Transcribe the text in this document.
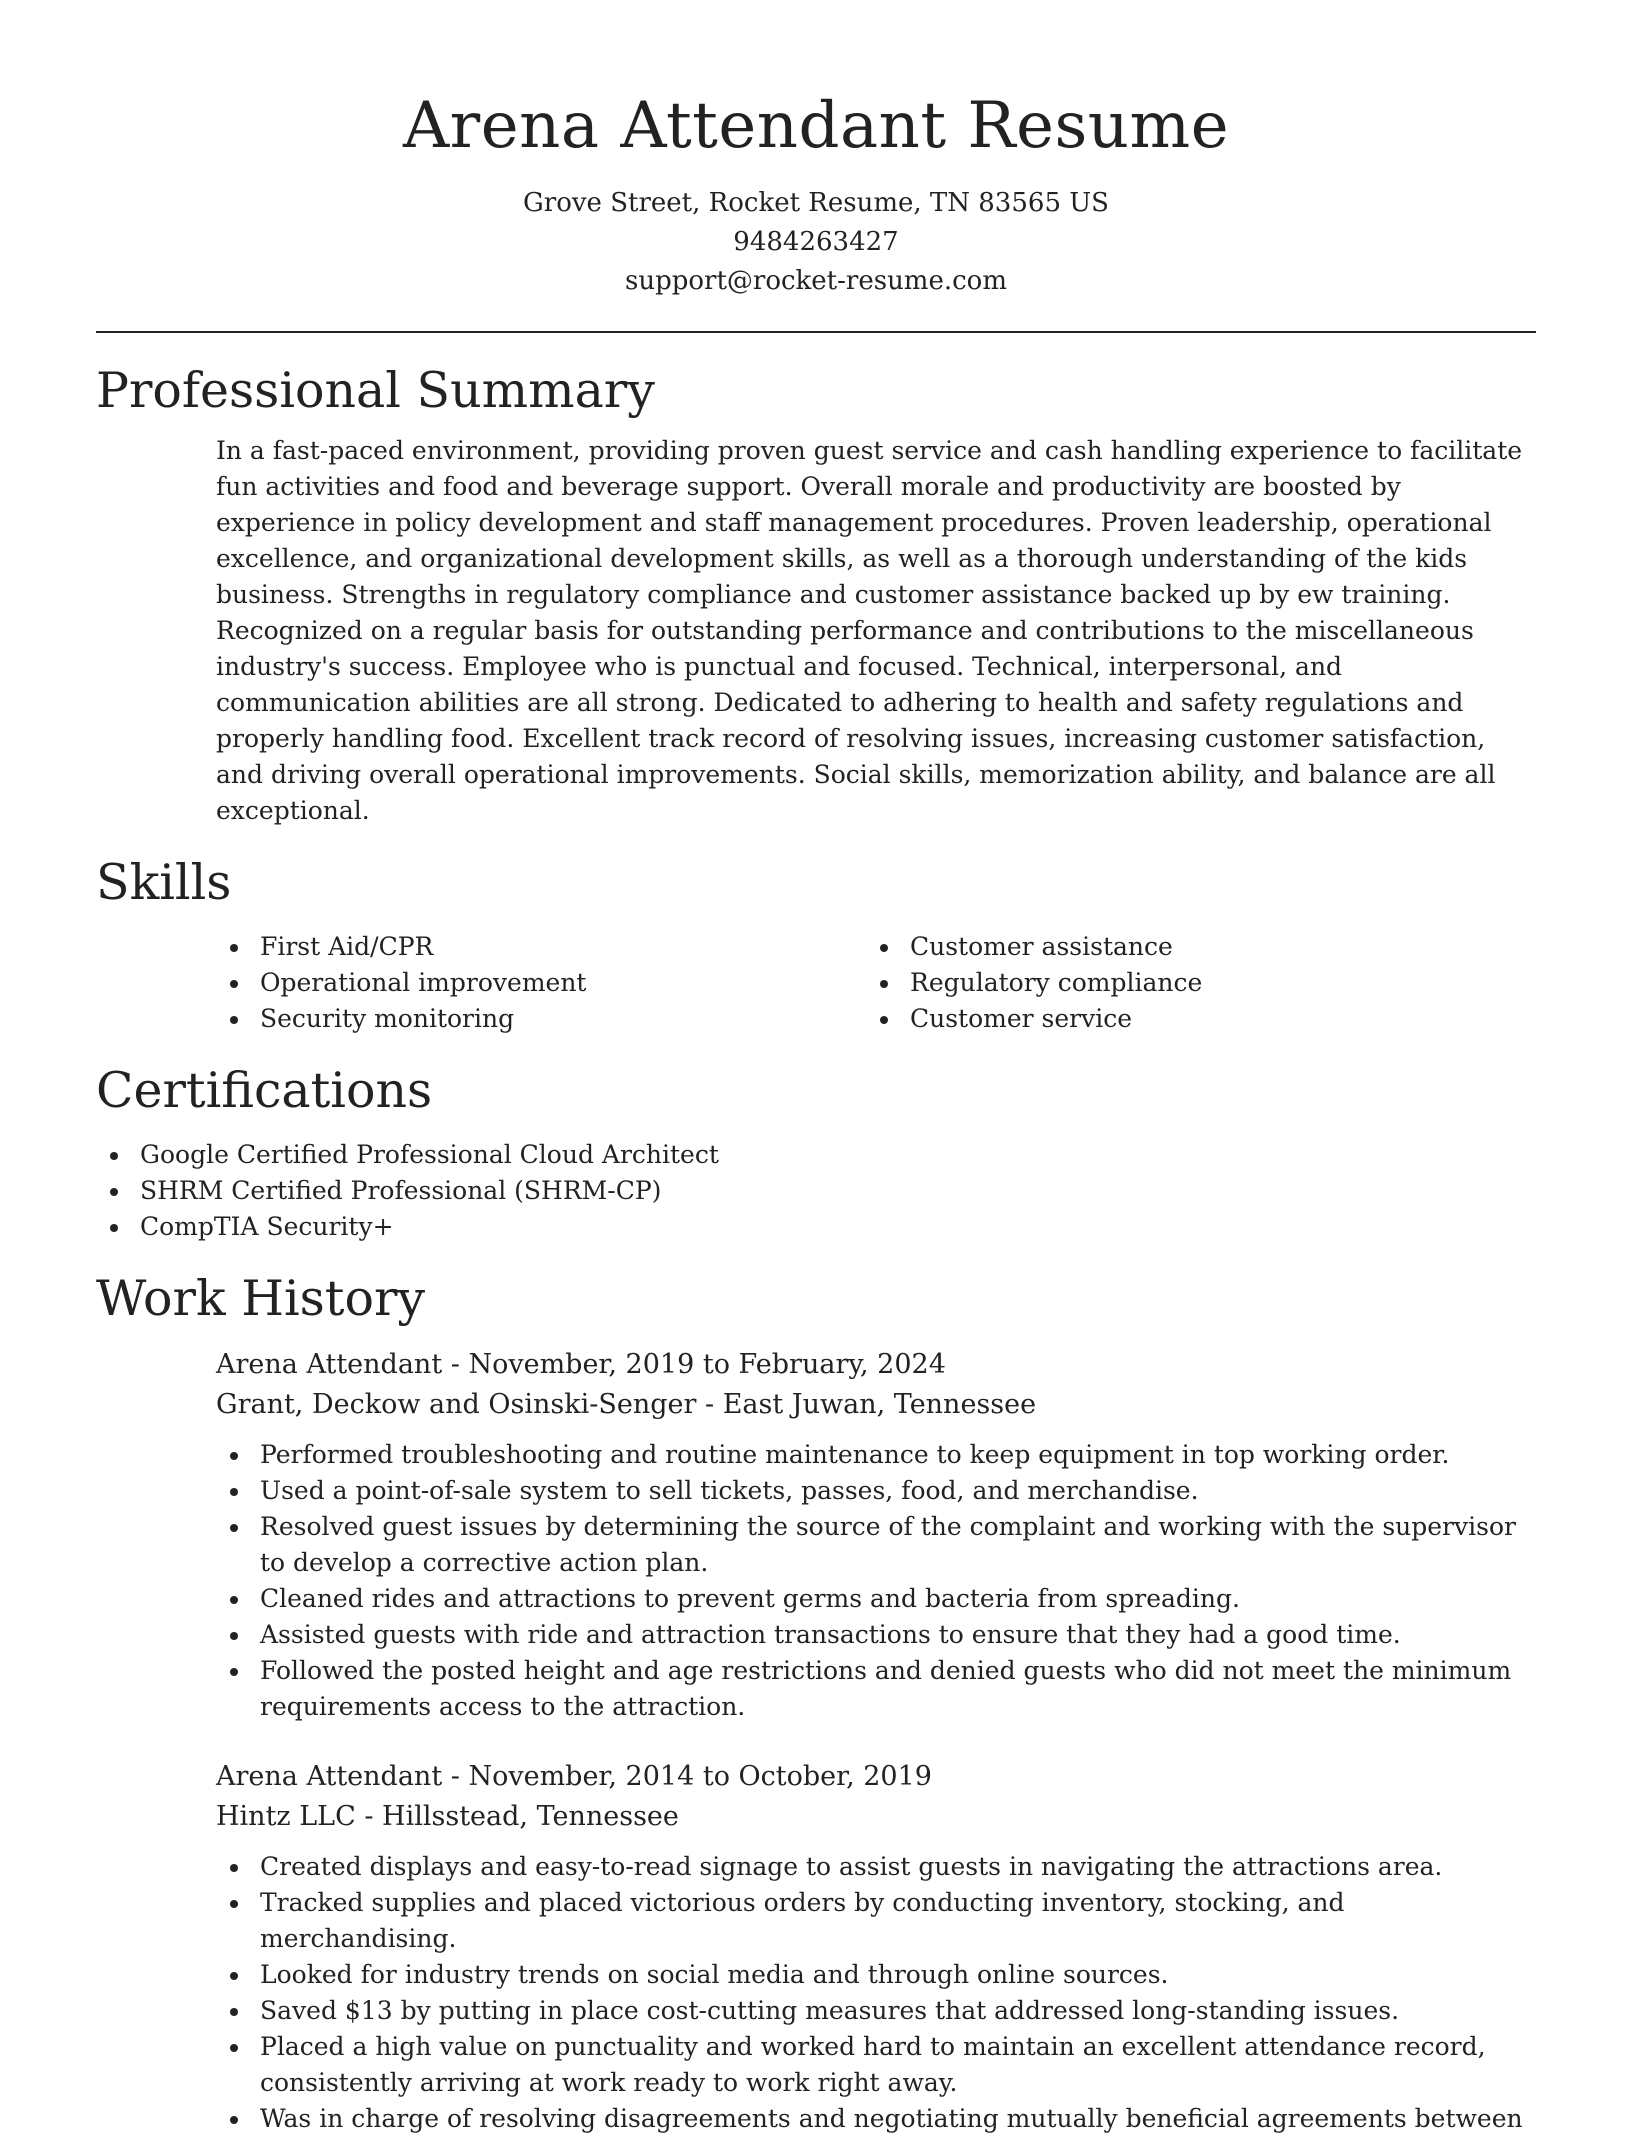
Arena Attendant Resume
Grove Street, Rocket Resume, TN 83565 US
9484263427
support@rocket-resume.com
Professional Summary

In a fast-paced environment, providing proven guest service and cash handling experience to facilitate fun activities and food and beverage support. Overall morale and productivity are boosted by experience in policy development and staff management procedures. Proven leadership, operational excellence, and organizational development skills, as well as a thorough understanding of the kids business. Strengths in regulatory compliance and customer assistance backed up by ew training. Recognized on a regular basis for outstanding performance and contributions to the miscellaneous industry's success. Employee who is punctual and focused. Technical, interpersonal, and communication abilities are all strong. Dedicated to adhering to health and safety regulations and properly handling food. Excellent track record of resolving issues, increasing customer satisfaction, and driving overall operational improvements. Social skills, memorization ability, and balance are all exceptional.

Skills
First Aid/CPR
Operational improvement
Security monitoring
Customer assistance
Regulatory compliance
Customer service
Certifications
Google Certified Professional Cloud Architect
SHRM Certified Professional (SHRM-CP)
CompTIA Security+
Work History
Arena Attendant - November, 2019 to February, 2024
Grant, Deckow and Osinski-Senger - East Juwan, Tennessee
Performed troubleshooting and routine maintenance to keep equipment in top working order.
Used a point-of-sale system to sell tickets, passes, food, and merchandise.
Resolved guest issues by determining the source of the complaint and working with the supervisor to develop a corrective action plan.
Cleaned rides and attractions to prevent germs and bacteria from spreading.
Assisted guests with ride and attraction transactions to ensure that they had a good time.
Followed the posted height and age restrictions and denied guests who did not meet the minimum requirements access to the attraction.
Arena Attendant - November, 2014 to October, 2019
Hintz LLC - Hillsstead, Tennessee
Created displays and easy-to-read signage to assist guests in navigating the attractions area.
Tracked supplies and placed victorious orders by conducting inventory, stocking, and merchandising.
Looked for industry trends on social media and through online sources.
Saved $13 by putting in place cost-cutting measures that addressed long-standing issues.
Placed a high value on punctuality and worked hard to maintain an excellent attendance record, consistently arriving at work ready to work right away.
Was in charge of resolving disagreements and negotiating mutually beneficial agreements between
